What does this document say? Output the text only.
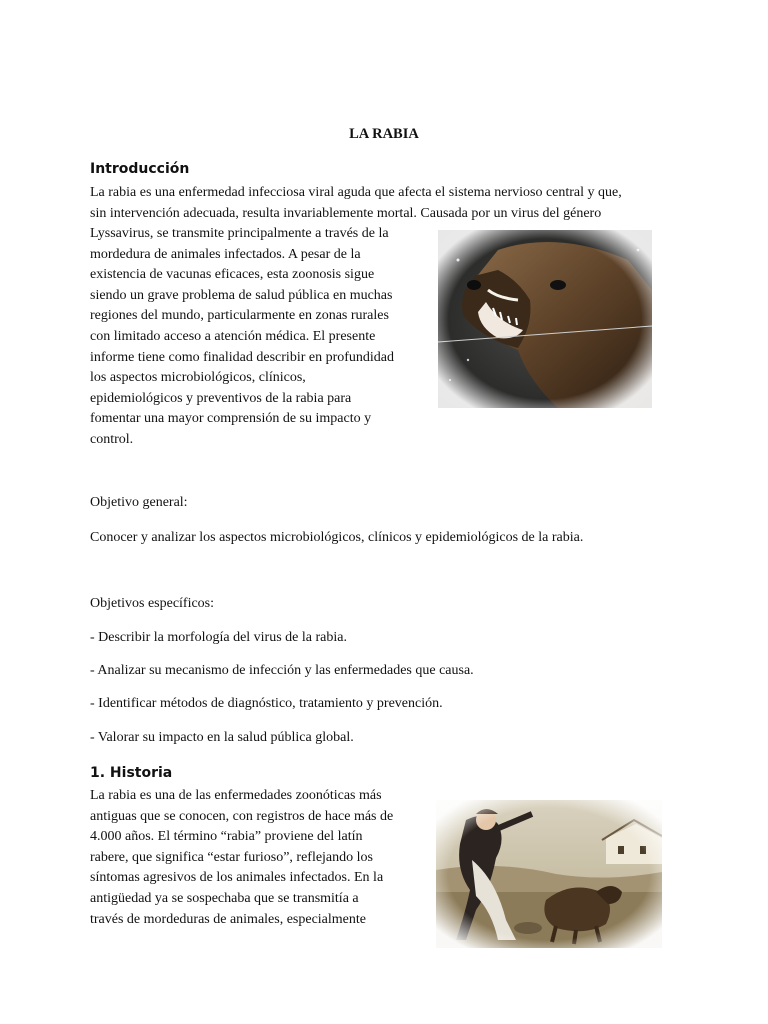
LA RABIA
Introducción

La rabia es una enfermedad infecciosa viral aguda que afecta el sistema nervioso central y que,

sin intervención adecuada, resulta invariablemente mortal. Causada por un virus del género

Lyssavirus, se transmite principalmente a través de la

mordedura de animales infectados. A pesar de la

existencia de vacunas eficaces, esta zoonosis sigue

siendo un grave problema de salud pública en muchas

regiones del mundo, particularmente en zonas rurales

con limitado acceso a atención médica. El presente

informe tiene como finalidad describir en profundidad

los aspectos microbiológicos, clínicos,

epidemiológicos y preventivos de la rabia para

fomentar una mayor comprensión de su impacto y

control.

Objetivo general:
Conocer y analizar los aspectos microbiológicos, clínicos y epidemiológicos de la rabia.
Objetivos específicos:
- Describir la morfología del virus de la rabia.
- Analizar su mecanismo de infección y las enfermedades que causa.
- Identificar métodos de diagnóstico, tratamiento y prevención.
- Valorar su impacto en la salud pública global.
1. Historia

La rabia es una de las enfermedades zoonóticas más

antiguas que se conocen, con registros de hace más de

4.000 años. El término “rabia” proviene del latín

rabere, que significa “estar furioso”, reflejando los

síntomas agresivos de los animales infectados. En la

antigüedad ya se sospechaba que se transmitía a

través de mordeduras de animales, especialmente
